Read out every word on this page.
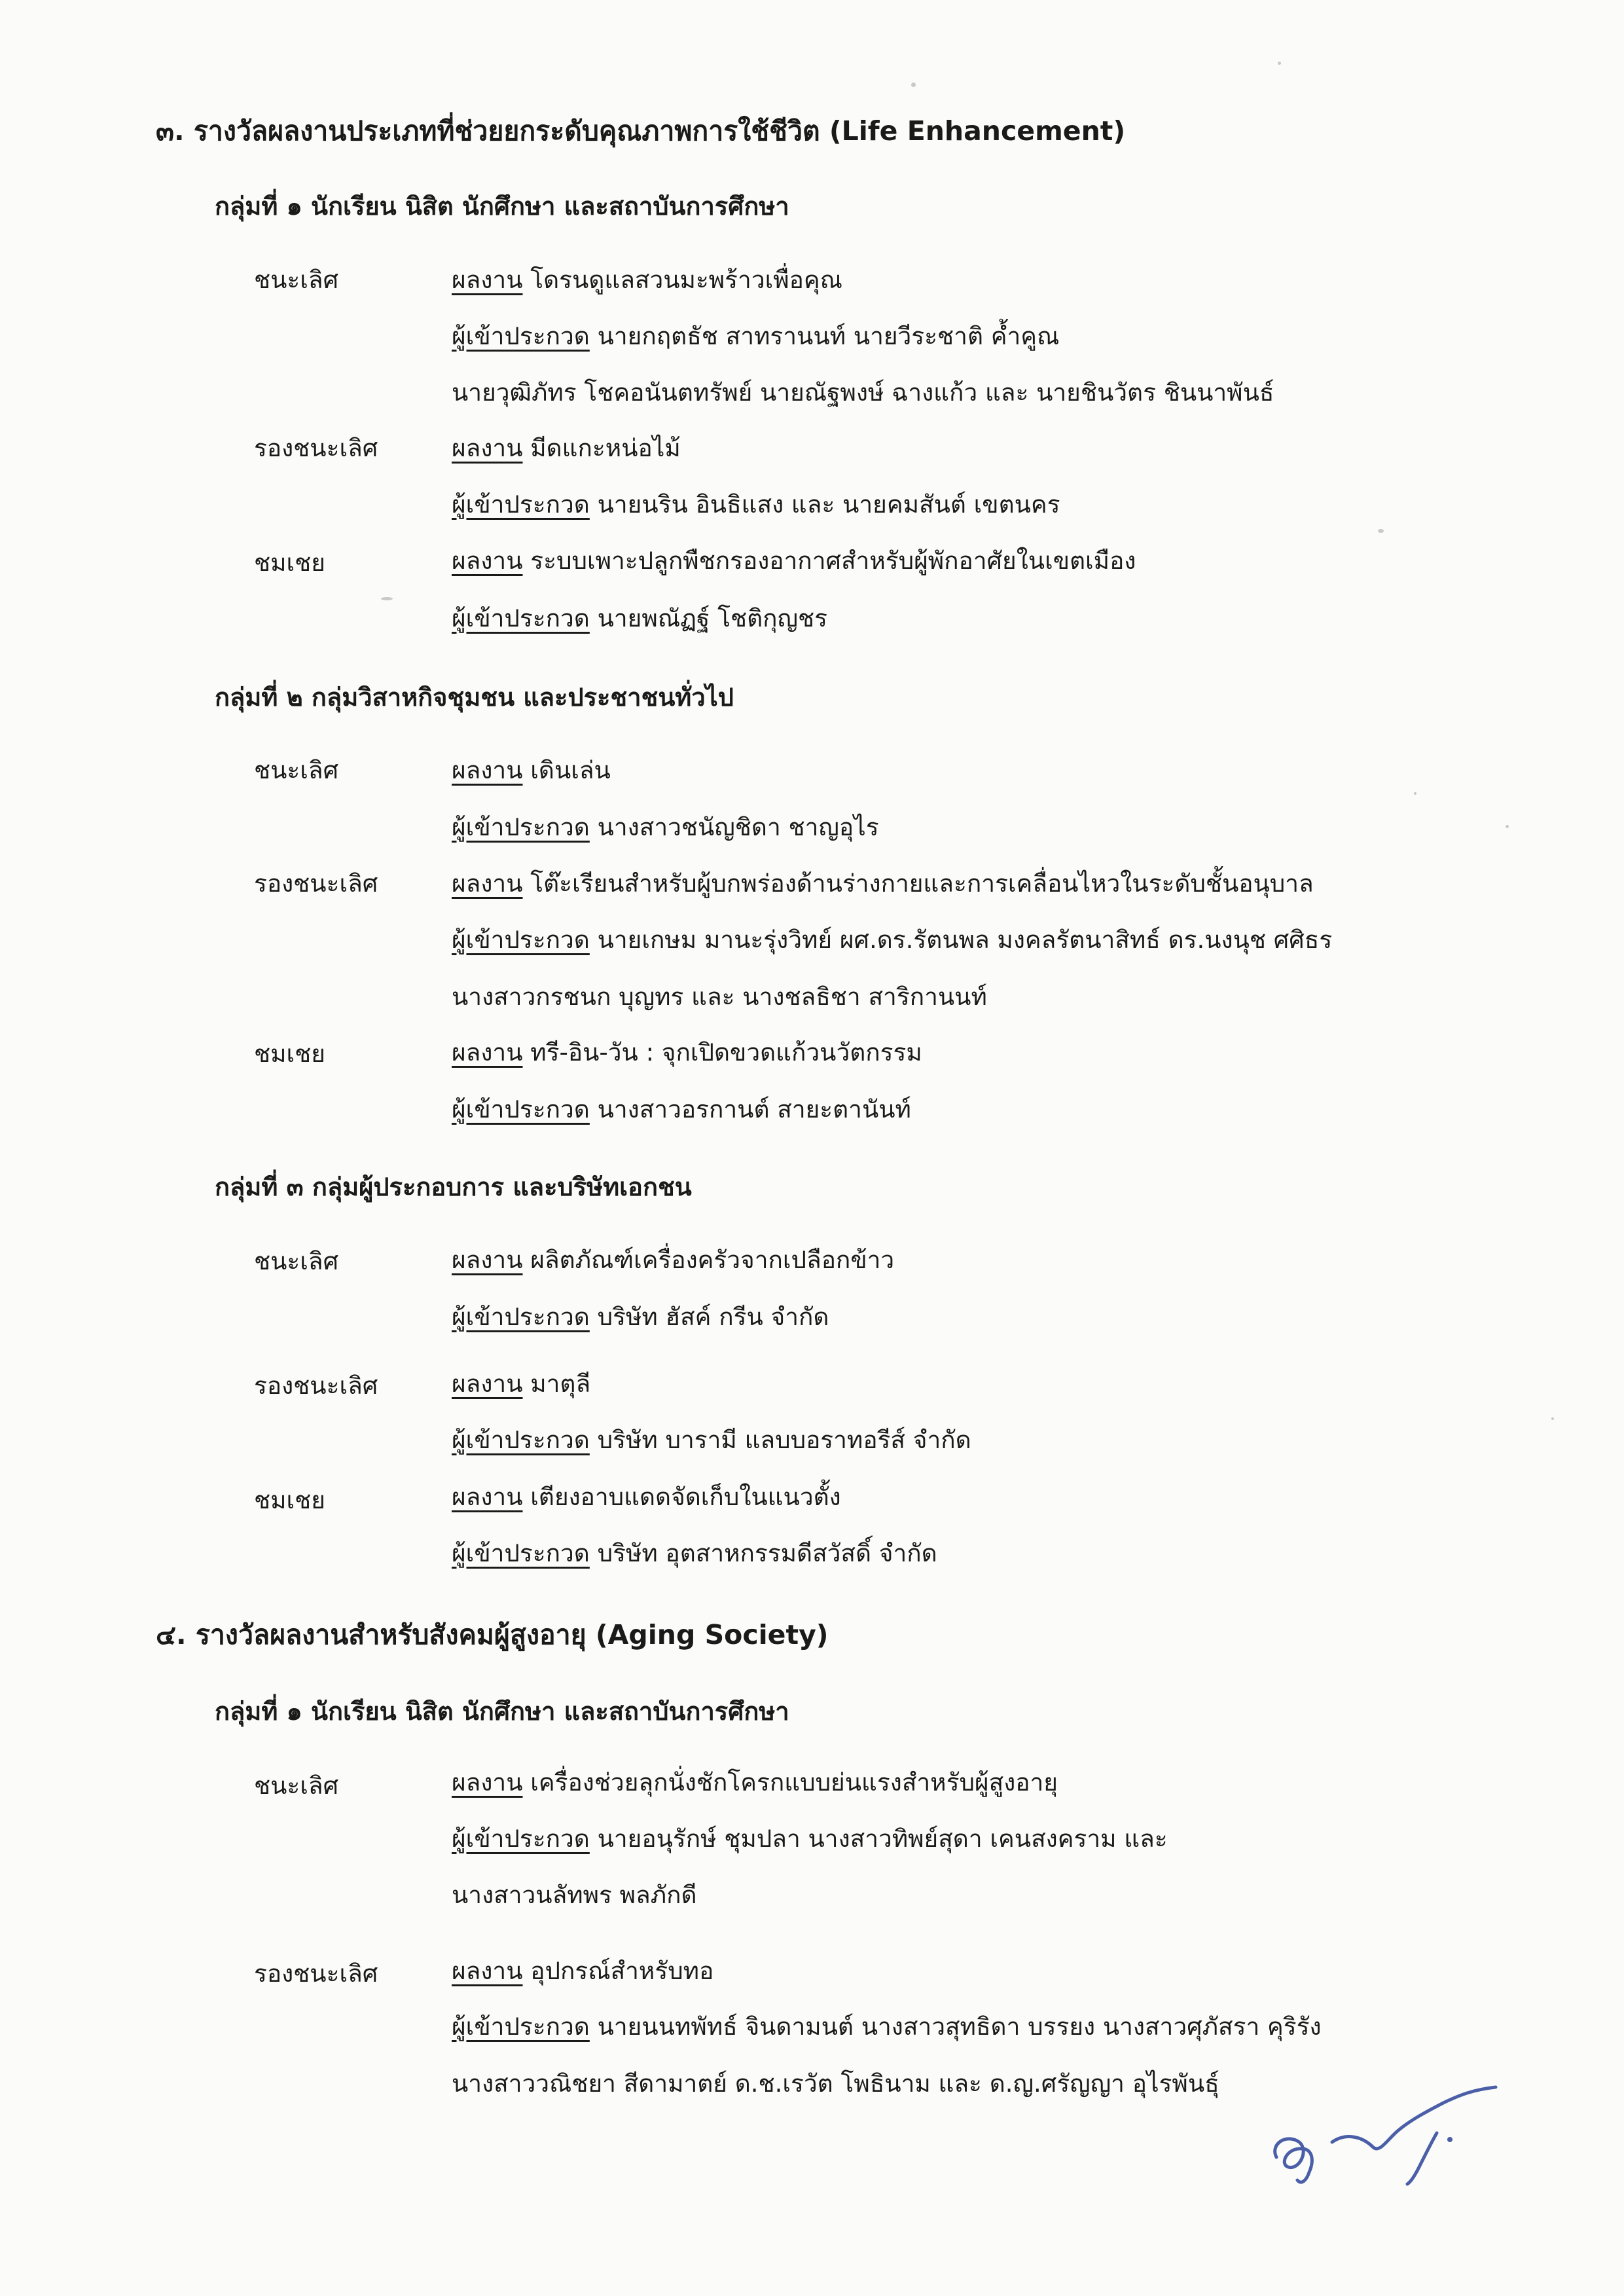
๓. รางวัลผลงานประเภทที่ช่วยยกระดับคุณภาพการใช้ชีวิต (Life Enhancement)
กลุ่มที่ ๑ นักเรียน นิสิต นักศึกษา และสถาบันการศึกษา
ชนะเลิศ	ผลงาน โดรนดูแลสวนมะพร้าวเพื่อคุณ
ผู้เข้าประกวด นายกฤตธัช สาทรานนท์ นายวีระชาติ ค้ำคูณ
นายวุฒิภัทร โชคอนันตทรัพย์ นายณัฐพงษ์ ฉางแก้ว และ นายชินวัตร ชินนาพันธ์
รองชนะเลิศ	ผลงาน มีดแกะหน่อไม้
ผู้เข้าประกวด นายนริน อินธิแสง และ นายคมสันต์ เขตนคร
ชมเชย	ผลงาน ระบบเพาะปลูกพืชกรองอากาศสำหรับผู้พักอาศัยในเขตเมือง
ผู้เข้าประกวด นายพณัฏฐ์ โชติกุญชร
กลุ่มที่ ๒ กลุ่มวิสาหกิจชุมชน และประชาชนทั่วไป
ชนะเลิศ	ผลงาน เดินเล่น
ผู้เข้าประกวด นางสาวชนัญชิดา ชาญอุไร
รองชนะเลิศ	ผลงาน โต๊ะเรียนสำหรับผู้บกพร่องด้านร่างกายและการเคลื่อนไหวในระดับชั้นอนุบาล
ผู้เข้าประกวด นายเกษม มานะรุ่งวิทย์ ผศ.ดร.รัตนพล มงคลรัตนาสิทธ์ ดร.นงนุช ศศิธร
นางสาวกรชนก บุญทร และ นางชลธิชา สาริกานนท์
ชมเชย	ผลงาน ทรี-อิน-วัน : จุกเปิดขวดแก้วนวัตกรรม
ผู้เข้าประกวด นางสาวอรกานต์ สายะตานันท์
กลุ่มที่ ๓ กลุ่มผู้ประกอบการ และบริษัทเอกชน
ชนะเลิศ	ผลงาน ผลิตภัณฑ์เครื่องครัวจากเปลือกข้าว
ผู้เข้าประกวด บริษัท ฮัสค์ กรีน จำกัด
รองชนะเลิศ	ผลงาน มาตุลี
ผู้เข้าประกวด บริษัท บารามี แลบบอราทอรีส์ จำกัด
ชมเชย	ผลงาน เตียงอาบแดดจัดเก็บในแนวตั้ง
ผู้เข้าประกวด บริษัท อุตสาหกรรมดีสวัสดิ์ จำกัด
๔. รางวัลผลงานสำหรับสังคมผู้สูงอายุ (Aging Society)
กลุ่มที่ ๑ นักเรียน นิสิต นักศึกษา และสถาบันการศึกษา
ชนะเลิศ	ผลงาน เครื่องช่วยลุกนั่งชักโครกแบบย่นแรงสำหรับผู้สูงอายุ
ผู้เข้าประกวด นายอนุรักษ์ ชุมปลา นางสาวทิพย์สุดา เคนสงคราม และ
นางสาวนลัทพร พลภักดี
รองชนะเลิศ	ผลงาน อุปกรณ์สำหรับทอ
ผู้เข้าประกวด นายนนทพัทธ์ จินดามนต์ นางสาวสุทธิดา บรรยง นางสาวศุภัสรา คุริรัง
นางสาววณิชยา สีดามาตย์ ด.ช.เรวัต โพธินาม และ ด.ญ.ศรัญญา อุไรพันธุ์
